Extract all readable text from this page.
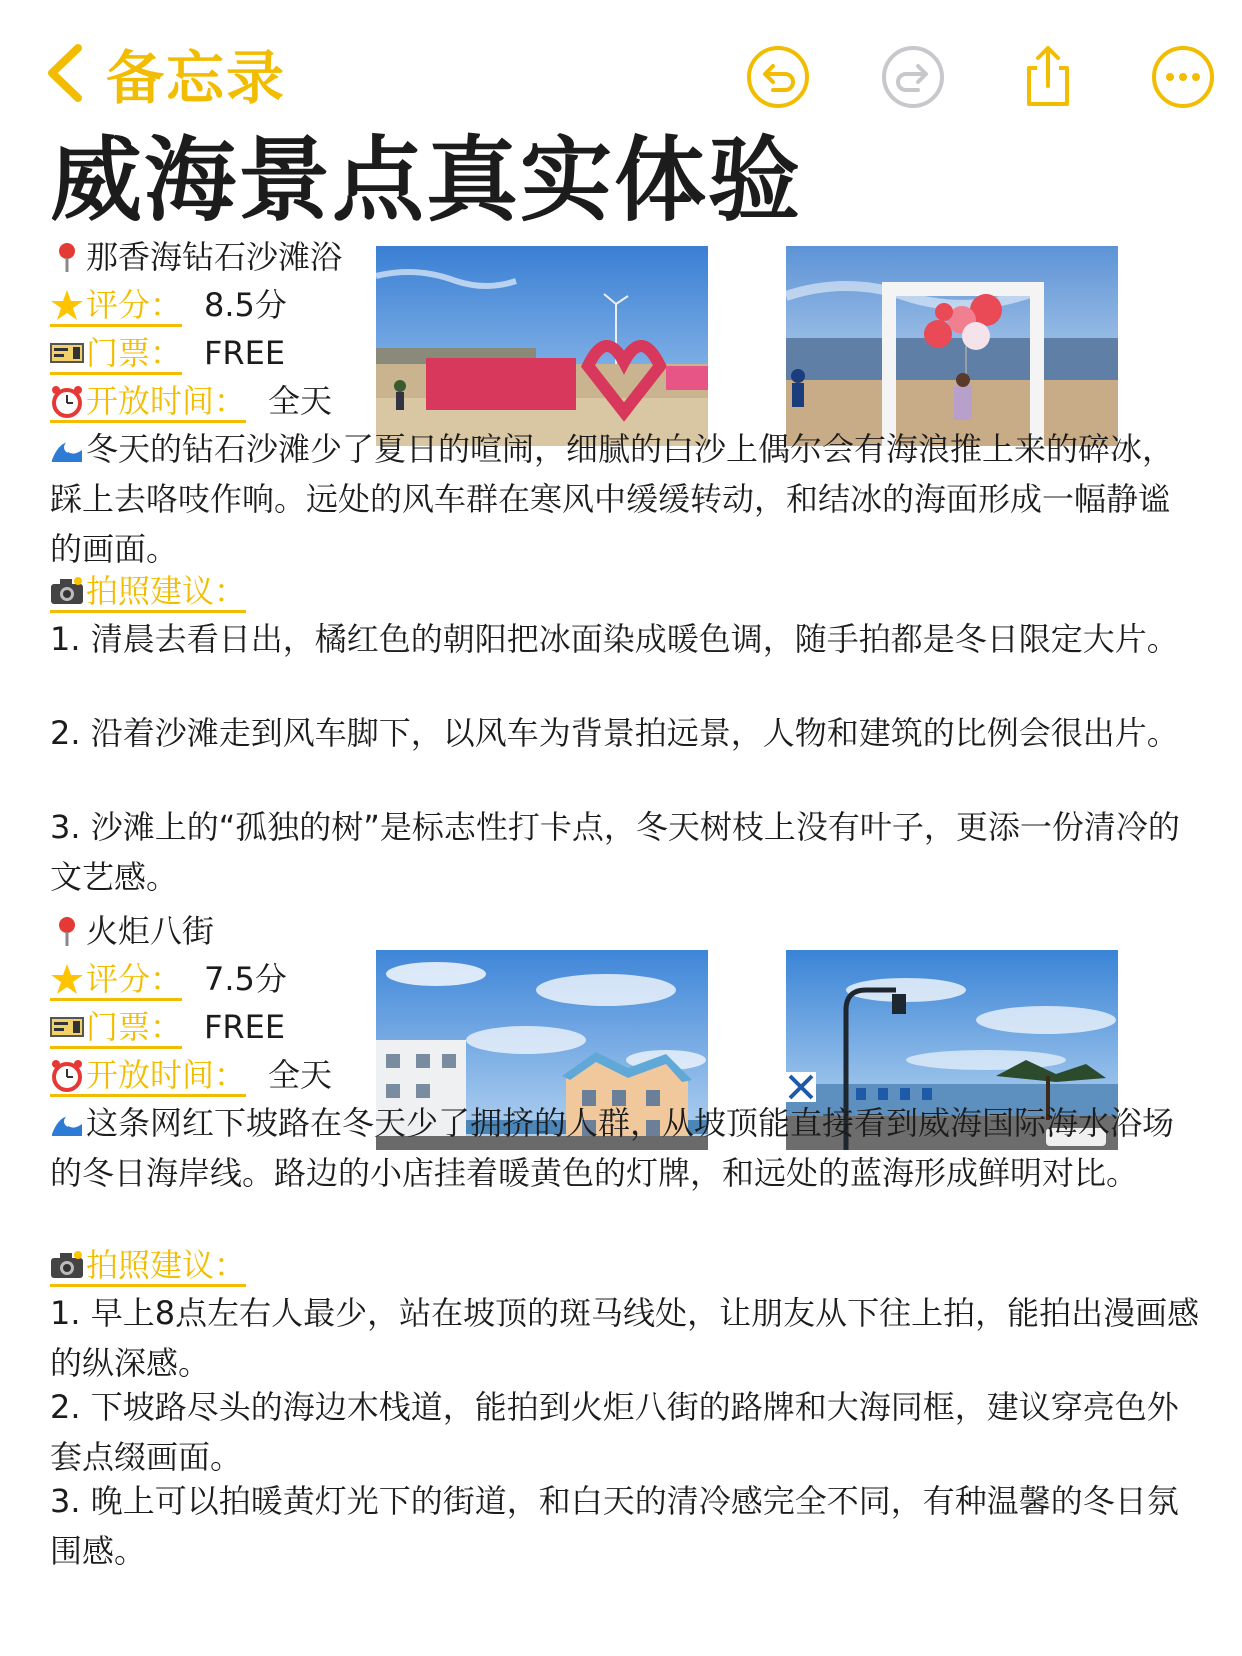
备忘录
威海景点真实体验
那香海钻石沙滩浴
评分： 8.5分
门票： FREE
开放时间： 全天
冬天的钻石沙滩少了夏日的喧闹，细腻的白沙上偶尔会有海浪推上来的碎冰，踩上去咯吱作响。远处的风车群在寒风中缓缓转动，和结冰的海面形成一幅静谧的画面。
拍照建议：
1. 清晨去看日出，橘红色的朝阳把冰面染成暖色调，随手拍都是冬日限定大片。
2. 沿着沙滩走到风车脚下，以风车为背景拍远景，人物和建筑的比例会很出片。
3. 沙滩上的“孤独的树”是标志性打卡点，冬天树枝上没有叶子，更添一份清冷的文艺感。
火炬八街
评分： 7.5分
门票： FREE
开放时间： 全天
这条网红下坡路在冬天少了拥挤的人群，从坡顶能直接看到威海国际海水浴场的冬日海岸线。路边的小店挂着暖黄色的灯牌，和远处的蓝海形成鲜明对比。
拍照建议：
1. 早上8点左右人最少，站在坡顶的斑马线处，让朋友从下往上拍，能拍出漫画感的纵深感。
2. 下坡路尽头的海边木栈道，能拍到火炬八街的路牌和大海同框，建议穿亮色外套点缀画面。
3. 晚上可以拍暖黄灯光下的街道，和白天的清冷感完全不同，有种温馨的冬日氛围感。
